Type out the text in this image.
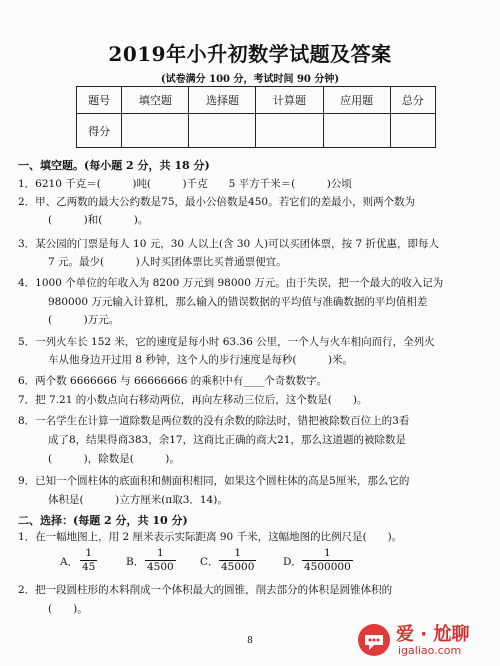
2019年小升初数学试题及答案
(试卷满分 100 分，考试时间 90 分钟)
题号	填空题	选择题	计算题	应用题	总分
得分					
一、填空题。(每小题 2 分，共 18 分)
1．6210 千克＝(　　　)吨(　　　)千克　　5 平方千米＝(　　　)公顷
2．甲、乙两数的最大公约数是75，最小公倍数是450。若它们的差最小，则两个数为
(　　　)和(　　　)。
3．某公园的门票是每人 10 元，30 人以上(含 30 人)可以买团体票，按 7 折优惠，即每人
7 元。最少(　　　)人时买团体票比买普通票便宜。
4．1000 个单位的年收入为 8200 万元到 98000 万元。由于失误，把一个最大的收入记为
980000 万元输入计算机，那么输入的错误数据的平均值与准确数据的平均值相差
(　　　)万元。
5．一列火车长 152 米，它的速度是每小时 63.36 公里，一个人与火车相向而行，全列火
车从他身边开过用 8 秒钟，这个人的步行速度是每秒(　　　)米。
6．两个数 6666666 与 66666666 的乘积中有____个奇数数字。
7．把 7.21 的小数点向右移动两位，再向左移动三位后，这个数是(　　)。
8．一名学生在计算一道除数是两位数的没有余数的除法时，错把被除数百位上的3看
成了8，结果得商383，余17，这商比正确的商大21，那么这道题的被除数是
(　　　)，除数是(　　　)。
9．已知一个圆柱体的底面积和侧面积相同，如果这个圆柱体的高是5厘米，那么它的
体积是(　　　)立方厘米(π取3．14)。
二、选择：(每题 2 分，共 10 分)
1．在一幅地图上，用 2 厘米表示实际距离 90 千米，这幅地图的比例尺是(　　)。
A． $\frac{1}{45}$	B． $\frac{1}{4500}$ C． $\frac{1}{45000}$	D． $\frac{1}{4500000}$
2．把一段圆柱形的木料削成一个体积最大的圆锥，削去部分的体积是圆锥体积的
(　　)。
8	爱 · 尬聊
igaliao.com
